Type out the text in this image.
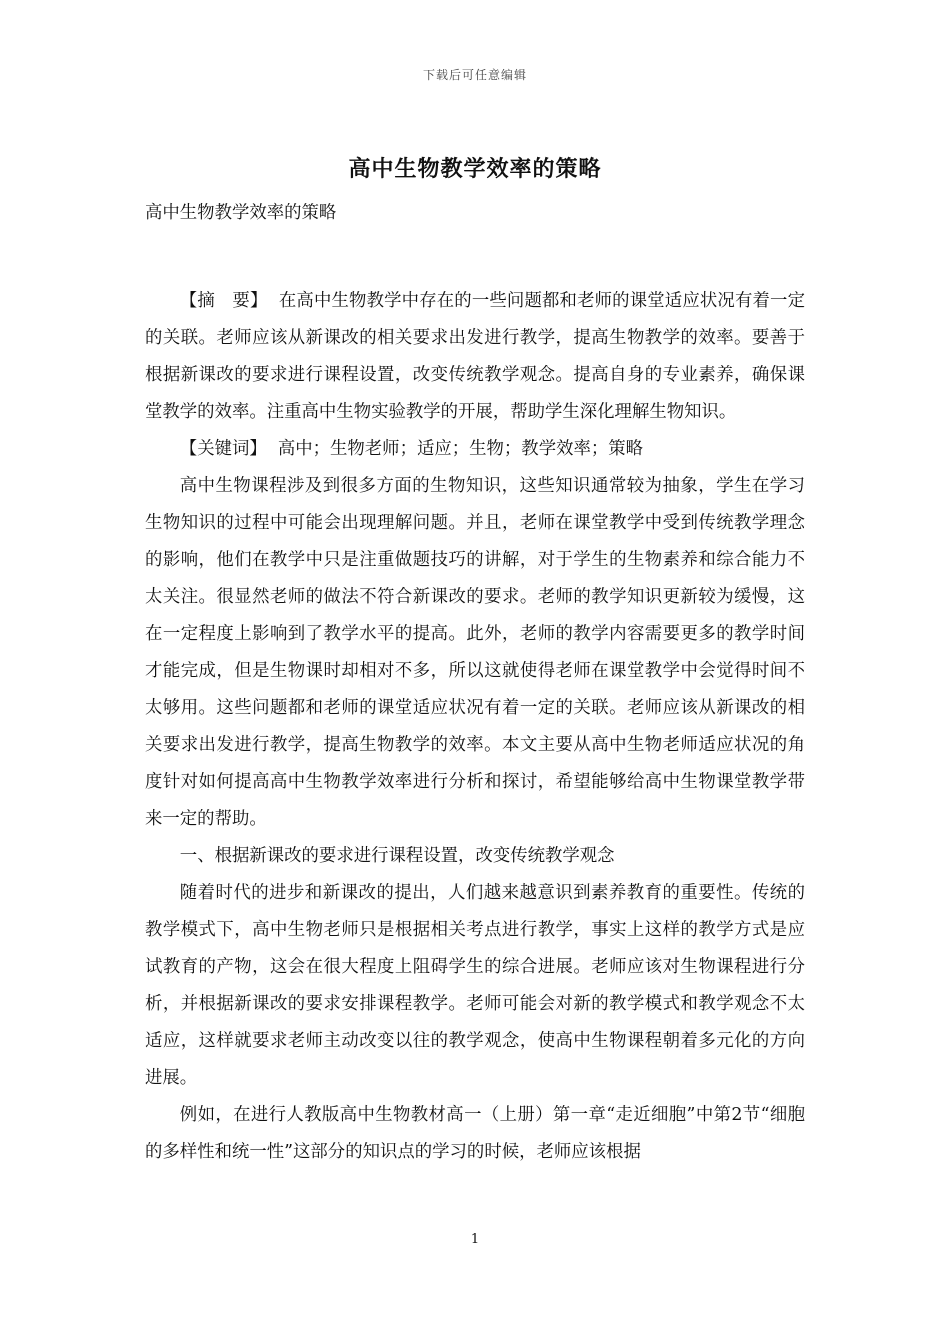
下载后可任意编辑
高中生物教学效率的策略

高中生物教学效率的策略

【摘　要】 在高中生物教学中存在的一些问题都和老师的课堂适应状况有着一定的关联。老师应该从新课改的相关要求出发进行教学，提高生物教学的效率。要善于根据新课改的要求进行课程设置，改变传统教学观念。提高自身的专业素养，确保课堂教学的效率。注重高中生物实验教学的开展，帮助学生深化理解生物知识。

【关键词】 高中；生物老师；适应；生物；教学效率；策略

高中生物课程涉及到很多方面的生物知识，这些知识通常较为抽象，学生在学习生物知识的过程中可能会出现理解问题。并且，老师在课堂教学中受到传统教学理念的影响，他们在教学中只是注重做题技巧的讲解，对于学生的生物素养和综合能力不太关注。很显然老师的做法不符合新课改的要求。老师的教学知识更新较为缓慢，这在一定程度上影响到了教学水平的提高。此外，老师的教学内容需要更多的教学时间才能完成，但是生物课时却相对不多，所以这就使得老师在课堂教学中会觉得时间不太够用。这些问题都和老师的课堂适应状况有着一定的关联。老师应该从新课改的相关要求出发进行教学，提高生物教学的效率。本文主要从高中生物老师适应状况的角度针对如何提高高中生物教学效率进行分析和探讨，希望能够给高中生物课堂教学带来一定的帮助。

一、根据新课改的要求进行课程设置，改变传统教学观念

随着时代的进步和新课改的提出，人们越来越意识到素养教育的重要性。传统的教学模式下，高中生物老师只是根据相关考点进行教学，事实上这样的教学方式是应试教育的产物，这会在很大程度上阻碍学生的综合进展。老师应该对生物课程进行分析，并根据新课改的要求安排课程教学。老师可能会对新的教学模式和教学观念不太适应，这样就要求老师主动改变以往的教学观念，使高中生物课程朝着多元化的方向进展。

例如，在进行人教版高中生物教材高一（上册）第一章“走近细胞”中第2节“细胞的多样性和统一性”这部分的知识点的学习的时候，老师应该根据

1
